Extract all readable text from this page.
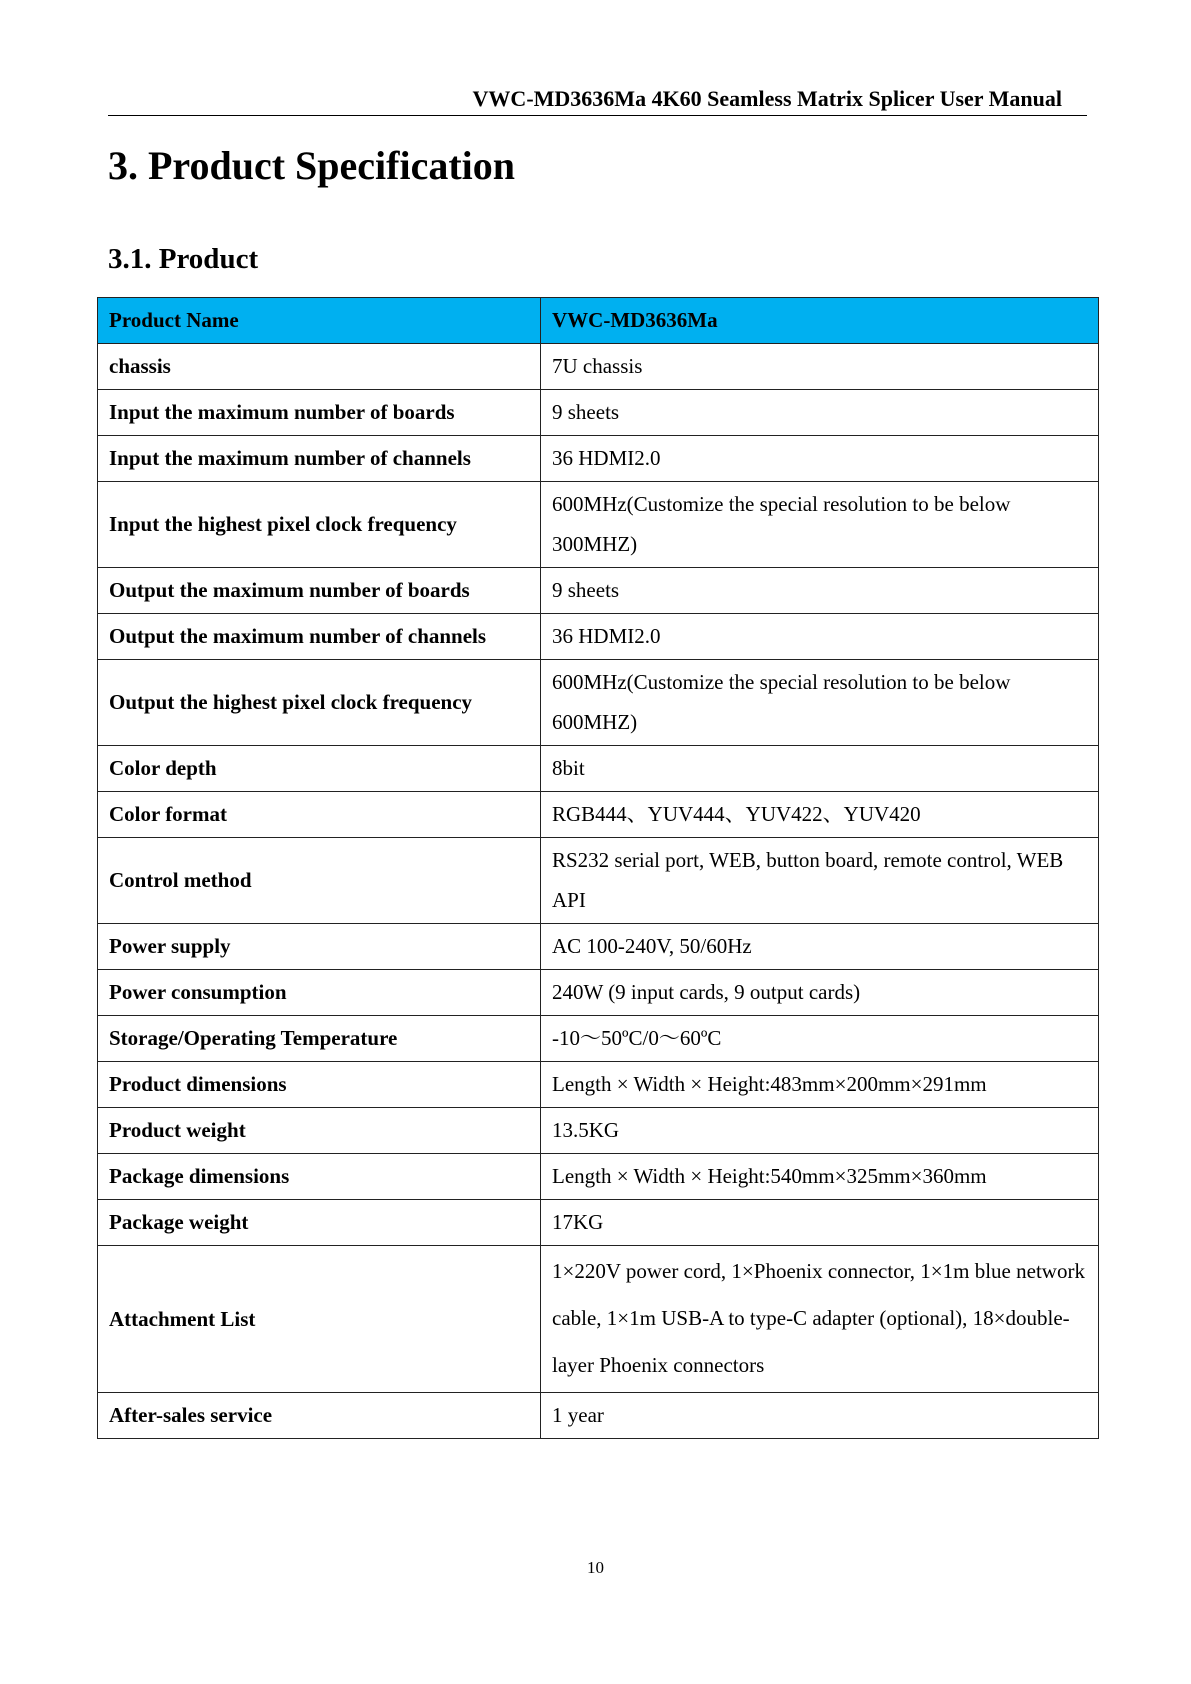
VWC-MD3636Ma 4K60 Seamless Matrix Splicer User Manual
3. Product Specification
3.1. Product
Product Name	VWC-MD3636Ma
chassis	7U chassis
Input the maximum number of boards	9 sheets
Input the maximum number of channels	36 HDMI2.0
Input the highest pixel clock frequency	600MHz(Customize the special resolution to be below 300MHZ)
Output the maximum number of boards	9 sheets
Output the maximum number of channels	36 HDMI2.0
Output the highest pixel clock frequency	600MHz(Customize the special resolution to be below 600MHZ)
Color depth	8bit
Color format	RGB444、YUV444、YUV422、YUV420
Control method	RS232 serial port, WEB, button board, remote control, WEB API
Power supply	AC 100-240V, 50/60Hz
Power consumption	240W (9 input cards, 9 output cards)
Storage/Operating Temperature	-10～50ºC/0～60ºC
Product dimensions	Length × Width × Height:483mm×200mm×291mm
Product weight	13.5KG
Package dimensions	Length × Width × Height:540mm×325mm×360mm
Package weight	17KG
Attachment List	1×220V power cord, 1×Phoenix connector, 1×1m blue network cable, 1×1m USB-A to type-C adapter (optional), 18×double-layer Phoenix connectors
After-sales service	1 year
10
